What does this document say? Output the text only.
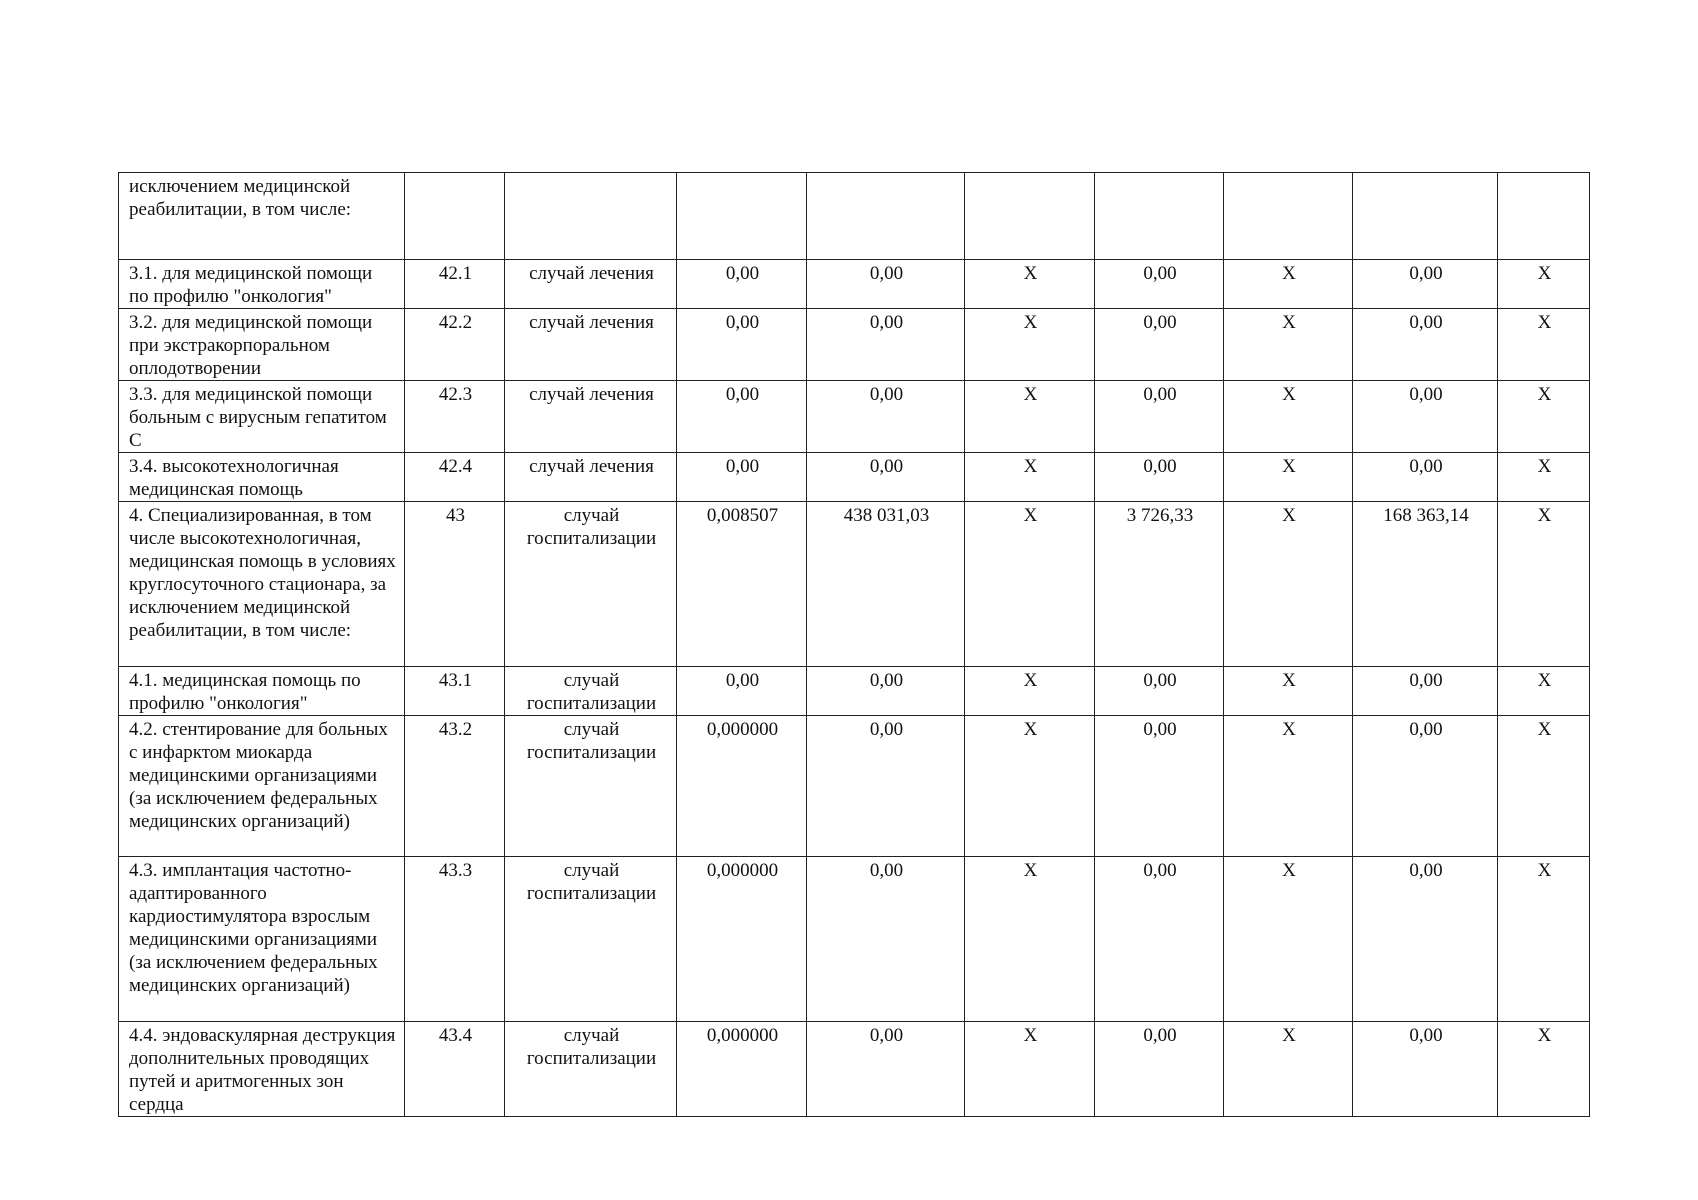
исключением медицинской реабилитации, в том числе:									
3.1. для медицинской помощи по профилю "онкология"	42.1	случай лечения	0,00	0,00	X	0,00	X	0,00	X
3.2. для медицинской помощи при экстракорпоральном оплодотворении	42.2	случай лечения	0,00	0,00	X	0,00	X	0,00	X
3.3. для медицинской помощи больным с вирусным гепатитом С	42.3	случай лечения	0,00	0,00	X	0,00	X	0,00	X
3.4. высокотехнологичная медицинская помощь	42.4	случай лечения	0,00	0,00	X	0,00	X	0,00	X
4. Специализированная, в том числе высокотехнологичная, медицинская помощь в условиях круглосуточного стационара, за исключением медицинской реабилитации, в том числе:	43	случай госпитализации	0,008507	438 031,03	X	3 726,33	X	168 363,14	X
4.1. медицинская помощь по профилю "онкология"	43.1	случай госпитализации	0,00	0,00	X	0,00	X	0,00	X
4.2. стентирование для больных с инфарктом миокарда медицинскими организациями (за исключением федеральных медицинских организаций)	43.2	случай госпитализации	0,000000	0,00	X	0,00	X	0,00	X
4.3. имплантация частотно-адаптированного кардиостимулятора взрослым медицинскими организациями (за исключением федеральных медицинских организаций)	43.3	случай госпитализации	0,000000	0,00	X	0,00	X	0,00	X
4.4. эндоваскулярная деструкция дополнительных проводящих путей и аритмогенных зон сердца	43.4	случай госпитализации	0,000000	0,00	X	0,00	X	0,00	X
